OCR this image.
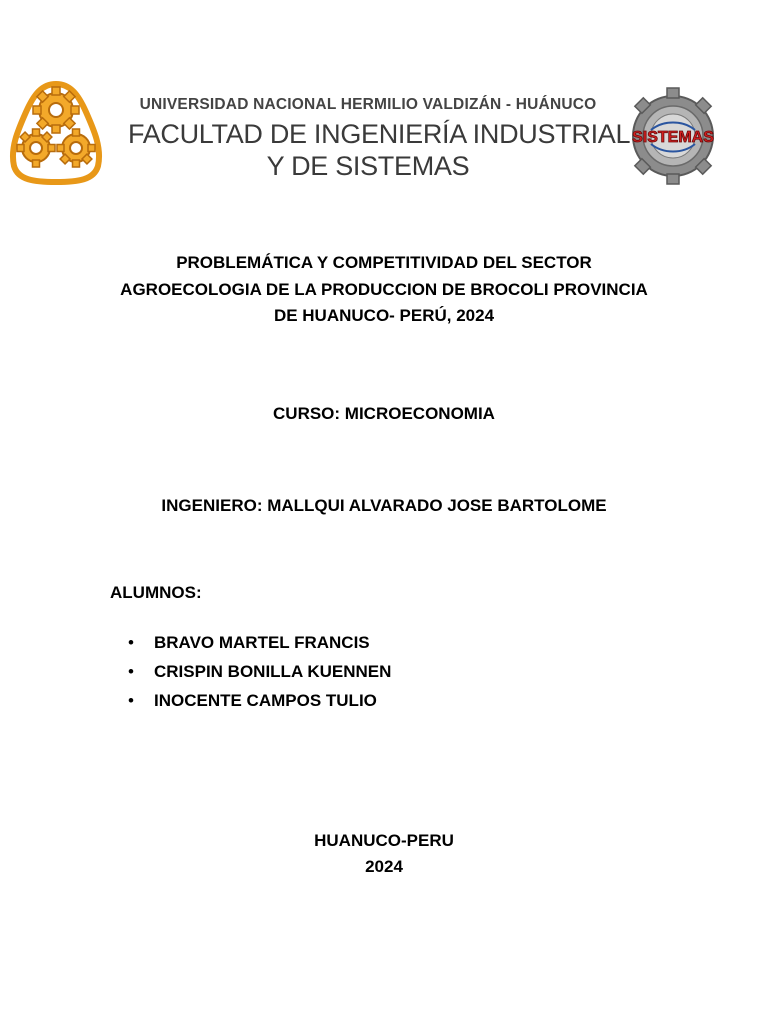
UNIVERSIDAD NACIONAL HERMILIO VALDIZÁN - HUÁNUCO
FACULTAD DE INGENIERÍA INDUSTRIAL
Y DE SISTEMAS
SISTEMAS
PROBLEMÁTICA Y COMPETITIVIDAD DEL SECTOR
AGROECOLOGIA DE LA PRODUCCION DE BROCOLI PROVINCIA
DE HUANUCO- PERÚ, 2024
CURSO: MICROECONOMIA
INGENIERO: MALLQUI ALVARADO JOSE BARTOLOME
ALUMNOS:
• BRAVO MARTEL FRANCIS
• CRISPIN BONILLA KUENNEN
• INOCENTE CAMPOS TULIO
HUANUCO-PERU
2024
